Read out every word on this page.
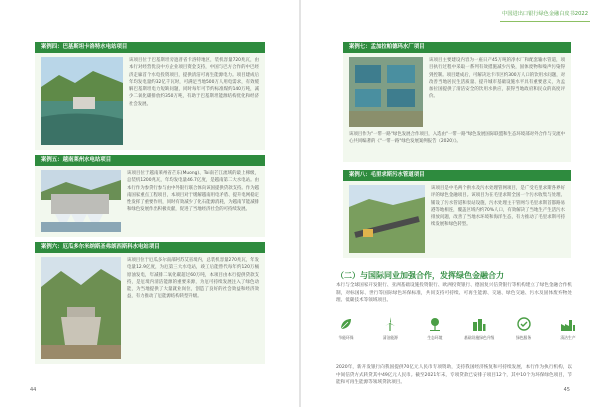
案例四：巴基斯坦卡洛特水电站项目
该项目位于巴基斯坦旁遮普省卡洛特地区，装机容量720兆瓦，由本行对经营优良中方企业项目资金支持，中国与巴方合作的中巴经济走廊首个水电投资项目，提供清洁可再生能源电力。项目建成后年均发电量约32亿千瓦时，可满足当地500万人用电需求，有效缓解巴基斯坦电力短缺问题，同时每年可节约标准煤约140万吨，减少二氧化碳排放约350万吨，有助于巴基斯坦能源结构优化和经济社会发展。
案例五：越南莱州水电站项目
该项目位于越南莱州省芒东(Muong)、Toi南芒江流域的最上梯级，总装机1200兆瓦，年均发电量46.7亿度，是越南第二大水电站。由本行作为参贷行参与由中外银行联合体向该国提供贷款支持。作为越南国家重点工程项目，本项目对于缓解越南用电矛盾、提升电网稳定性发挥了重要作用，同时有效减少了化石能源消耗，为越南节能减排和绿色发展作出积极贡献，促进了当地经济社会的可持续发展。
案例六：厄瓜多尔米纳斯圣弗朗西斯科水电站项目
该项目位于厄瓜多尔南部阿苏艾省境内，总装机容量270兆瓦，年发电量12.9亿度，为厄第三大水电站，竣工后能替代每年约120万桶原油发电，年减排二氧化碳超过60万吨，本项目由本行提供贷款支持，是厄境内清洁能源的重要来源，为厄可持续发展注入了绿色动能，为当地提供了大量就业岗位，创造了良好的社会效益和经济效益，有力推动了厄能源结构转型升级。
44
中国进出口银行绿色金融白皮书2022
案例七：孟加拉帕德玛水厂项目
该项目主要建设内容为一座日产45万吨的净水厂和配套输水管道，项目执行过程中采取一系列有效措施减少污染，固体废物和噪声污染得到控制。项目建成后，可解决达卡市区约300万人口的饮用水问题，对改善当地居民生活质量、提升城市基础设施水平具有重要意义，为孟加拉国提供了清洁安全的饮用水供应，获得当地政府和民众的高度评价。
该项目作为"一带一路"绿色发展合作项目，入选由"一带一路"绿色发展国际联盟和生态环境部对外合作与交流中心共同编著的《"一带一路"绿色发展案例报告（2020）》。
案例八：毛里求斯污水管道项目
该项目是中毛两个供水及污水处理管网项目，是广受毛里求斯各界好评的绿色金融项目。该项目为在毛里求斯全国一个污水收集与处理、铺设了污水管道和泵站设施，污水处理主干管网与毛里求斯首都路易港等地相连，覆盖区域内约70%人口，有效解决了当地生产生活污水排放问题，改善了当地水环境和海洋生态，有力推动了毛里求斯可持续发展和绿色转型。
（二）与国际同业加强合作，发挥绿色金融合力
本行与全球国家开发银行、亚洲基础设施投资银行、欧洲投资银行、德国复兴信贷银行等机构建立了绿色金融合作机制，对标国际、世行等国际绿色环保标准，共同支持可持续、可再生能源、交通、绿色交通、污水及固体废弃物处理、低碳技术等领域项目。
节能环保	清洁能源	生态环境	基础设施绿色升级	绿色服务	清洁生产
2020年，新开发银行向我国提供70亿元人民币专项资助，支持我国经济恢复和可持续发展，本行作为执行机构，以中间信贷方式转贷其中49亿元人民币。截至2021年末，专项贷款已安排子项目12个，其中10个为环保绿色项目，节能和可再生能源等领域贷款项目。
45
